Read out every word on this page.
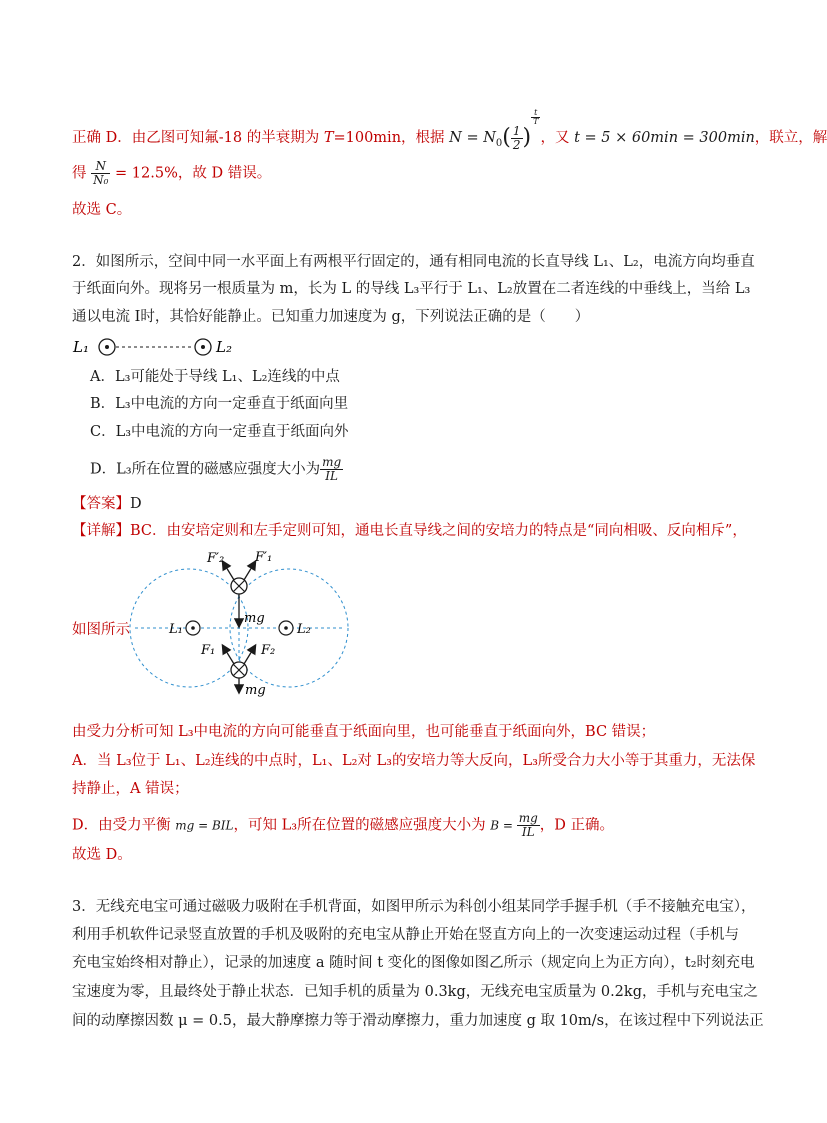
正确 D．由乙图可知氟-18 的半衰期为 T=100min，根据 $N = N_0( \frac{1}{2}$ )
$\frac{t}{T}$
，又 t = 5 × 60min = 300min，联立，解
得 $\frac{N}{\text{N₀}} = 12.5\%$，故 D 错误。
故选 C。
2．如图所示，空间中同一水平面上有两根平行固定的，通有相同电流的长直导线 L₁、L₂，电流方向均垂直
于纸面向外。现将另一根质量为 m，长为 L 的导线 L₃平行于 L₁、L₂放置在二者连线的中垂线上，当给 L₃
通以电流 I时，其恰好能静止。已知重力加速度为 g，下列说法正确的是（　　）
L₁	L₂
A．L₃可能处于导线 L₁、L₂连线的中点
B．L₃中电流的方向一定垂直于纸面向里
C．L₃中电流的方向一定垂直于纸面向外
D．L₃所在位置的磁感应强度大小为 $\frac{mg}{IL}$
【答案】D
【详解】BC．由安培定则和左手定则可知，通电长直导线之间的安培力的特点是“同向相吸、反向相斥”，
如图所示
F′₂ F′₁
mg
L₁	L₂
F₁	F₂
mg
由受力分析可知 L₃中电流的方向可能垂直于纸面向里，也可能垂直于纸面向外，BC 错误；
A．当 L₃位于 L₁、L₂连线的中点时，L₁、L₂对 L₃的安培力等大反向，L₃所受合力大小等于其重力，无法保
持静止，A 错误；
D．由受力平衡 mg = BIL，可知 L₃所在位置的磁感应强度大小为 $B = \frac{mg}{IL}$ ，D 正确。
故选 D。
3．无线充电宝可通过磁吸力吸附在手机背面，如图甲所示为科创小组某同学手握手机（手不接触充电宝），
利用手机软件记录竖直放置的手机及吸附的充电宝从静止开始在竖直方向上的一次变速运动过程（手机与
充电宝始终相对静止），记录的加速度 a 随时间 t 变化的图像如图乙所示（规定向上为正方向），t₂时刻充电
宝速度为零，且最终处于静止状态．已知手机的质量为 0.3kg，无线充电宝质量为 0.2kg，手机与充电宝之
间的动摩擦因数 μ = 0.5，最大静摩擦力等于滑动摩擦力，重力加速度 g 取 10m/s，在该过程中下列说法正
